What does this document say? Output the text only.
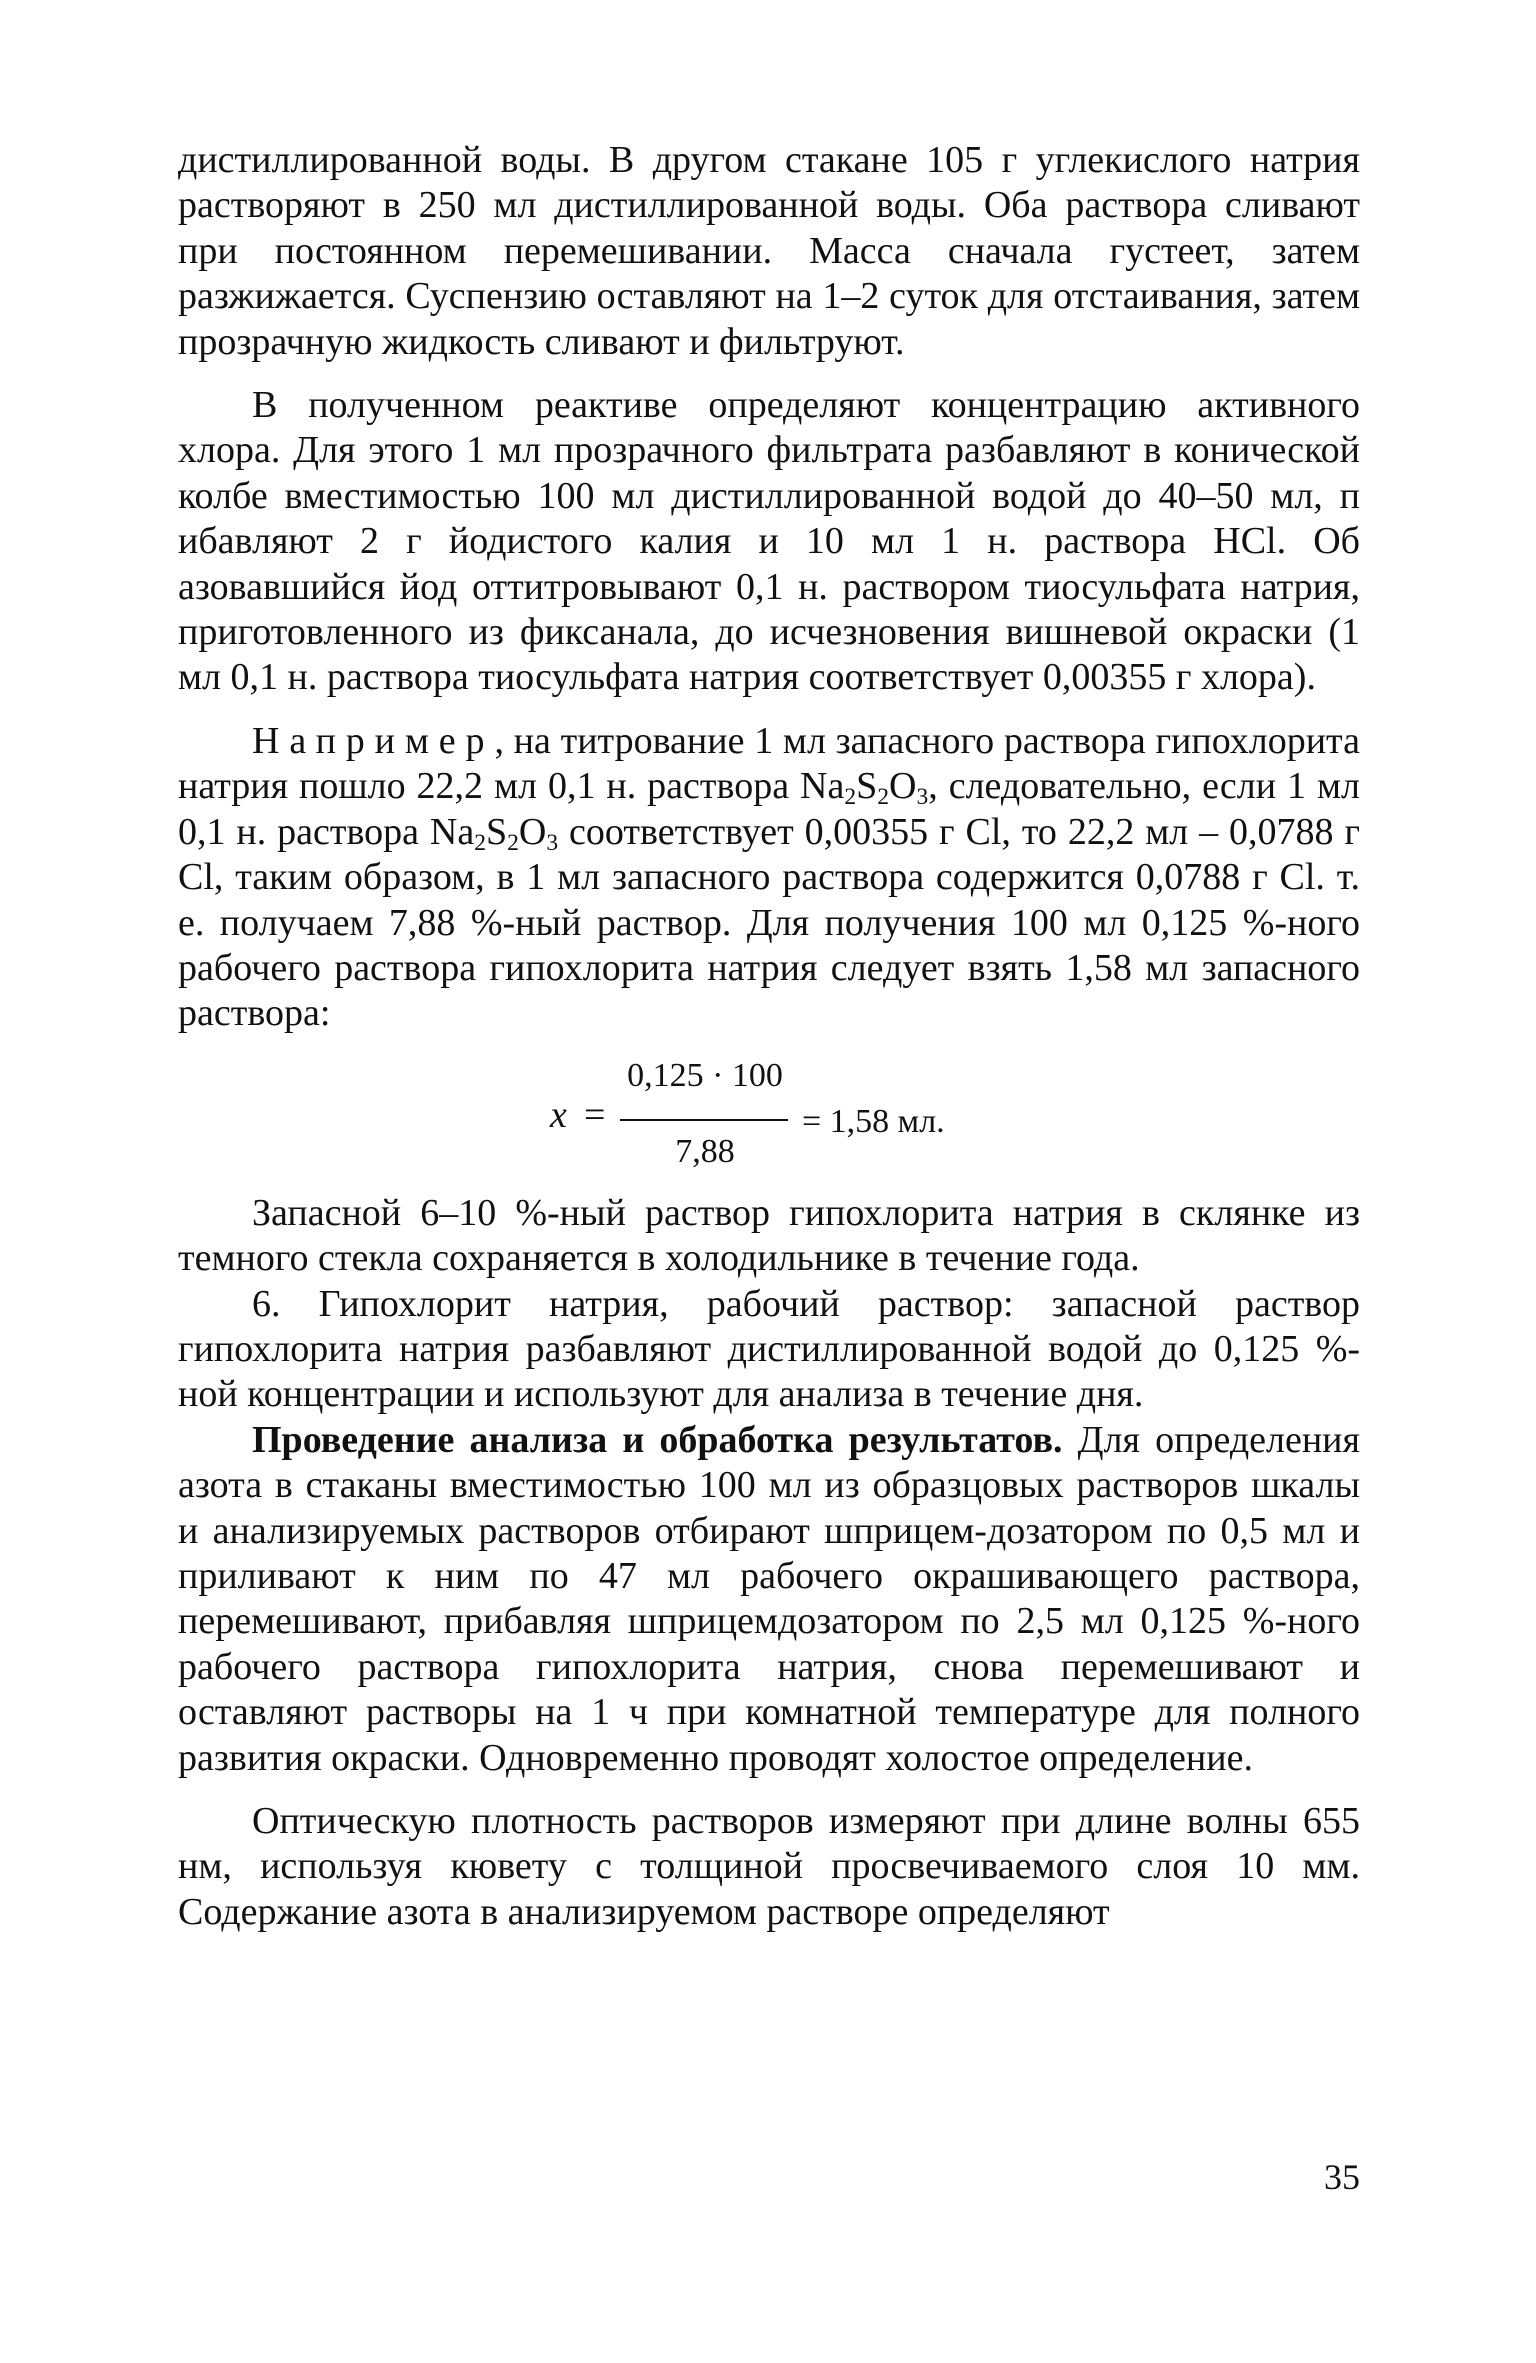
дистиллированной воды. В другом стакане 105 г углекислого натрия растворяют в 250 мл дистиллированной воды. Оба раствора сливают при постоянном перемешивании. Масса сначала густеет, затем разжижается. Суспензию оставляют на 1–2 суток для отстаивания, затем прозрачную жидкость сливают и фильтруют.

В полученном реактиве определяют концентрацию активного хлора. Для этого 1 мл прозрачного фильтрата разбавляют в конической колбе вместимостью 100 мл дистиллированной водой до 40–50 мл, п ибавляют 2 г йодистого калия и 10 мл 1 н. раствора HCl. Об азовавшийся йод оттитровывают 0,1 н. раствором тиосульфата натрия, приготовленного из фиксанала, до исчезновения вишневой окраски (1 мл 0,1 н. раствора тиосульфата натрия соответствует 0,00355 г хлора).

Например, на титрование 1 мл запасного раствора гипохлорита натрия пошло 22,2 мл 0,1 н. раствора $Na_2S_2O_3$, следовательно, если 1 мл 0,1 н. раствора $Na_2S_2O_3$ соответствует 0,00355 г Cl, то 22,2 мл – 0,0788 г Cl, таким образом, в 1 мл запасного раствора содержится 0,0788 г Cl. т. е. получаем 7,88 %-ный раствор. Для получения 100 мл 0,125 %-ного рабочего раствора гипохлорита натрия следует взять 1,58 мл запасного раствора:

x =
0,125 · 100
7,88
= 1,58 мл.

Запасной 6–10 %-ный раствор гипохлорита натрия в склянке из темного стекла сохраняется в холодильнике в течение года.

6. Гипохлорит натрия, рабочий раствор: запасной раствор гипохлорита натрия разбавляют дистиллированной водой до 0,125 %-ной концентрации и используют для анализа в течение дня.

Проведение анализа и обработка результатов. Для определения азота в стаканы вместимостью 100 мл из образцовых растворов шкалы и анализируемых растворов отбирают шприцем-дозатором по 0,5 мл и приливают к ним по 47 мл рабочего окрашивающего раствора, перемешивают, прибавляя шприцемдозатором по 2,5 мл 0,125 %-ного рабочего раствора гипохлорита натрия, снова перемешивают и оставляют растворы на 1 ч при комнатной температуре для полного развития окраски. Одновременно проводят холостое определение.

Оптическую плотность растворов измеряют при длине волны 655 нм, используя кювету с толщиной просвечиваемого слоя 10 мм. Содержание азота в анализируемом растворе определяют

35
